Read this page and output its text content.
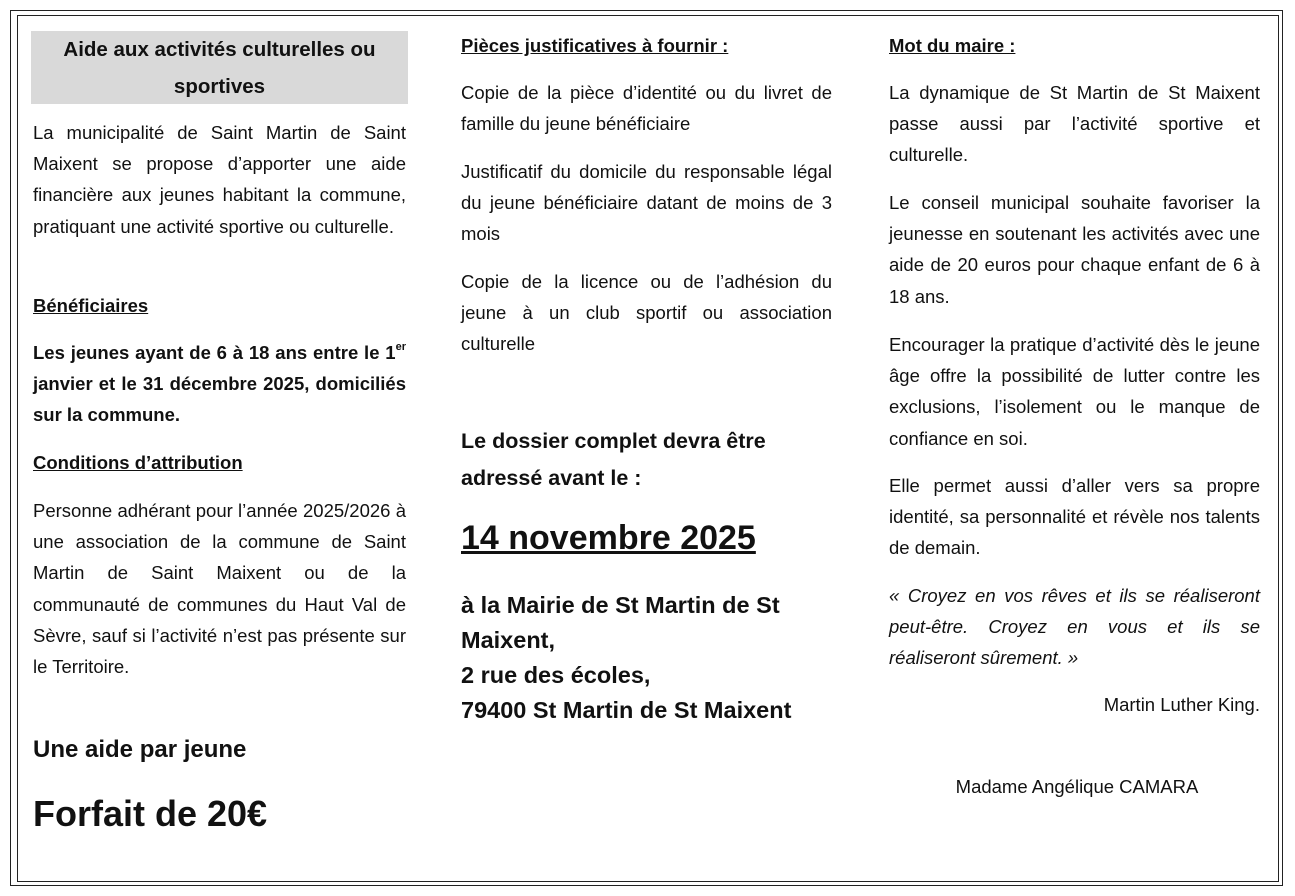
Aide aux activités culturelles ou sportives

La municipalité de Saint Martin de Saint Maixent se propose d’apporter une aide financière aux jeunes habitant la commune, pratiquant une activité sportive ou culturelle.

Bénéficiaires

Les jeunes ayant de 6 à 18 ans entre le 1er janvier et le 31 décembre 2025, domiciliés sur la commune.

Conditions d’attribution

Personne adhérant pour l’année 2025/2026 à une association de la commune de Saint Martin de Saint Maixent ou de la communauté de communes du Haut Val de Sèvre, sauf si l’activité n’est pas présente sur le Territoire.

Une aide par jeune
Forfait de 20€
Pièces justificatives à fournir :

Copie de la pièce d’identité ou du livret de famille du jeune bénéficiaire

Justificatif du domicile du responsable légal du jeune bénéficiaire datant de moins de 3 mois

Copie de la licence ou de l’adhésion du jeune à un club sportif ou association culturelle

Le dossier complet devra être
adressé avant le :
14 novembre 2025
à la Mairie de St Martin de St
Maixent,
2 rue des écoles,
79400 St Martin de St Maixent
Mot du maire :

La dynamique de St Martin de St Maixent passe aussi par l’activité sportive et culturelle.

Le conseil municipal souhaite favoriser la jeunesse en soutenant les activités avec une aide de 20 euros pour chaque enfant de 6 à 18 ans.

Encourager la pratique d’activité dès le jeune âge offre la possibilité de lutter contre les exclusions, l’isolement ou le manque de confiance en soi.

Elle permet aussi d’aller vers sa propre identité, sa personnalité et révèle nos talents de demain.

« Croyez en vos rêves et ils se réaliseront peut-être. Croyez en vous et ils se réaliseront sûrement. »

Martin Luther King.
Madame Angélique CAMARA
